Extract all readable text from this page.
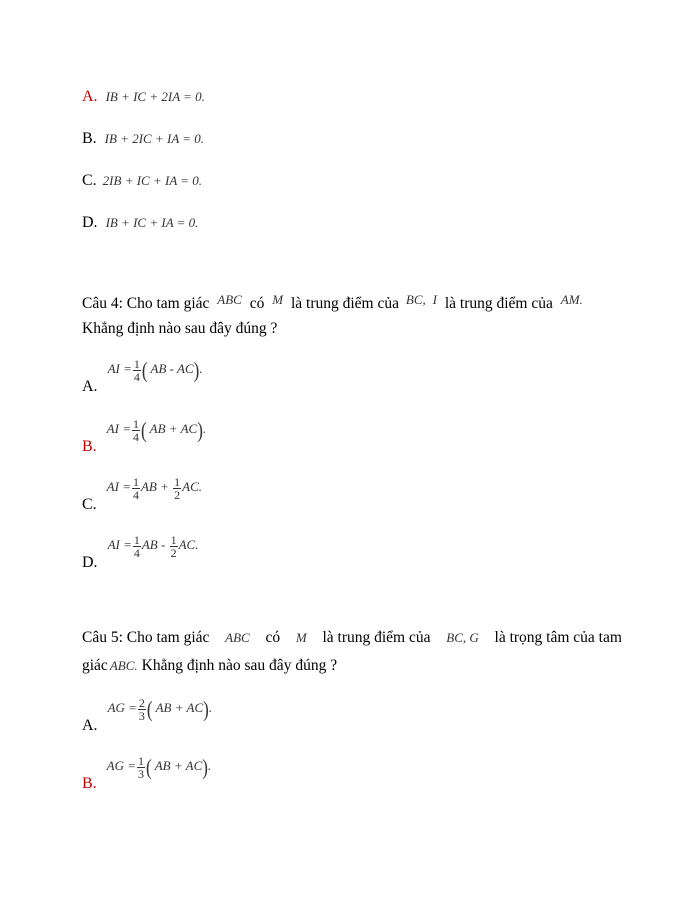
A. IB + IC + 2IA = 0.
B. IB + 2IC + IA = 0.
C. 2IB + IC + IA = 0.
D. IB + IC + IA = 0.
Câu 4: Cho tam giác $^{ABC}$ có $^M$ là trung điểm của $^{BC,}$ $^I$ là trung điểm của $^{AM.}$
Khẳng định nào sau đây đúng ?
A. AI = $\frac{1}{4}$ ( AB - AC).
B. AI = $\frac{1}{4}$ ( AB + AC).
C. AI = $\frac{1}{4}$ AB + $\frac{1}{2}$ AC.
D. AI = $\frac{1}{4}$ AB - $\frac{1}{2}$ AC.
Câu 5: Cho tam giác ABC có M là trung điểm của BC, G là trọng tâm của tam
giác ABC. Khẳng định nào sau đây đúng ?
A. AG = $\frac{2}{3}$ ( AB + AC).
B. AG = $\frac{1}{3}$ ( AB + AC).
